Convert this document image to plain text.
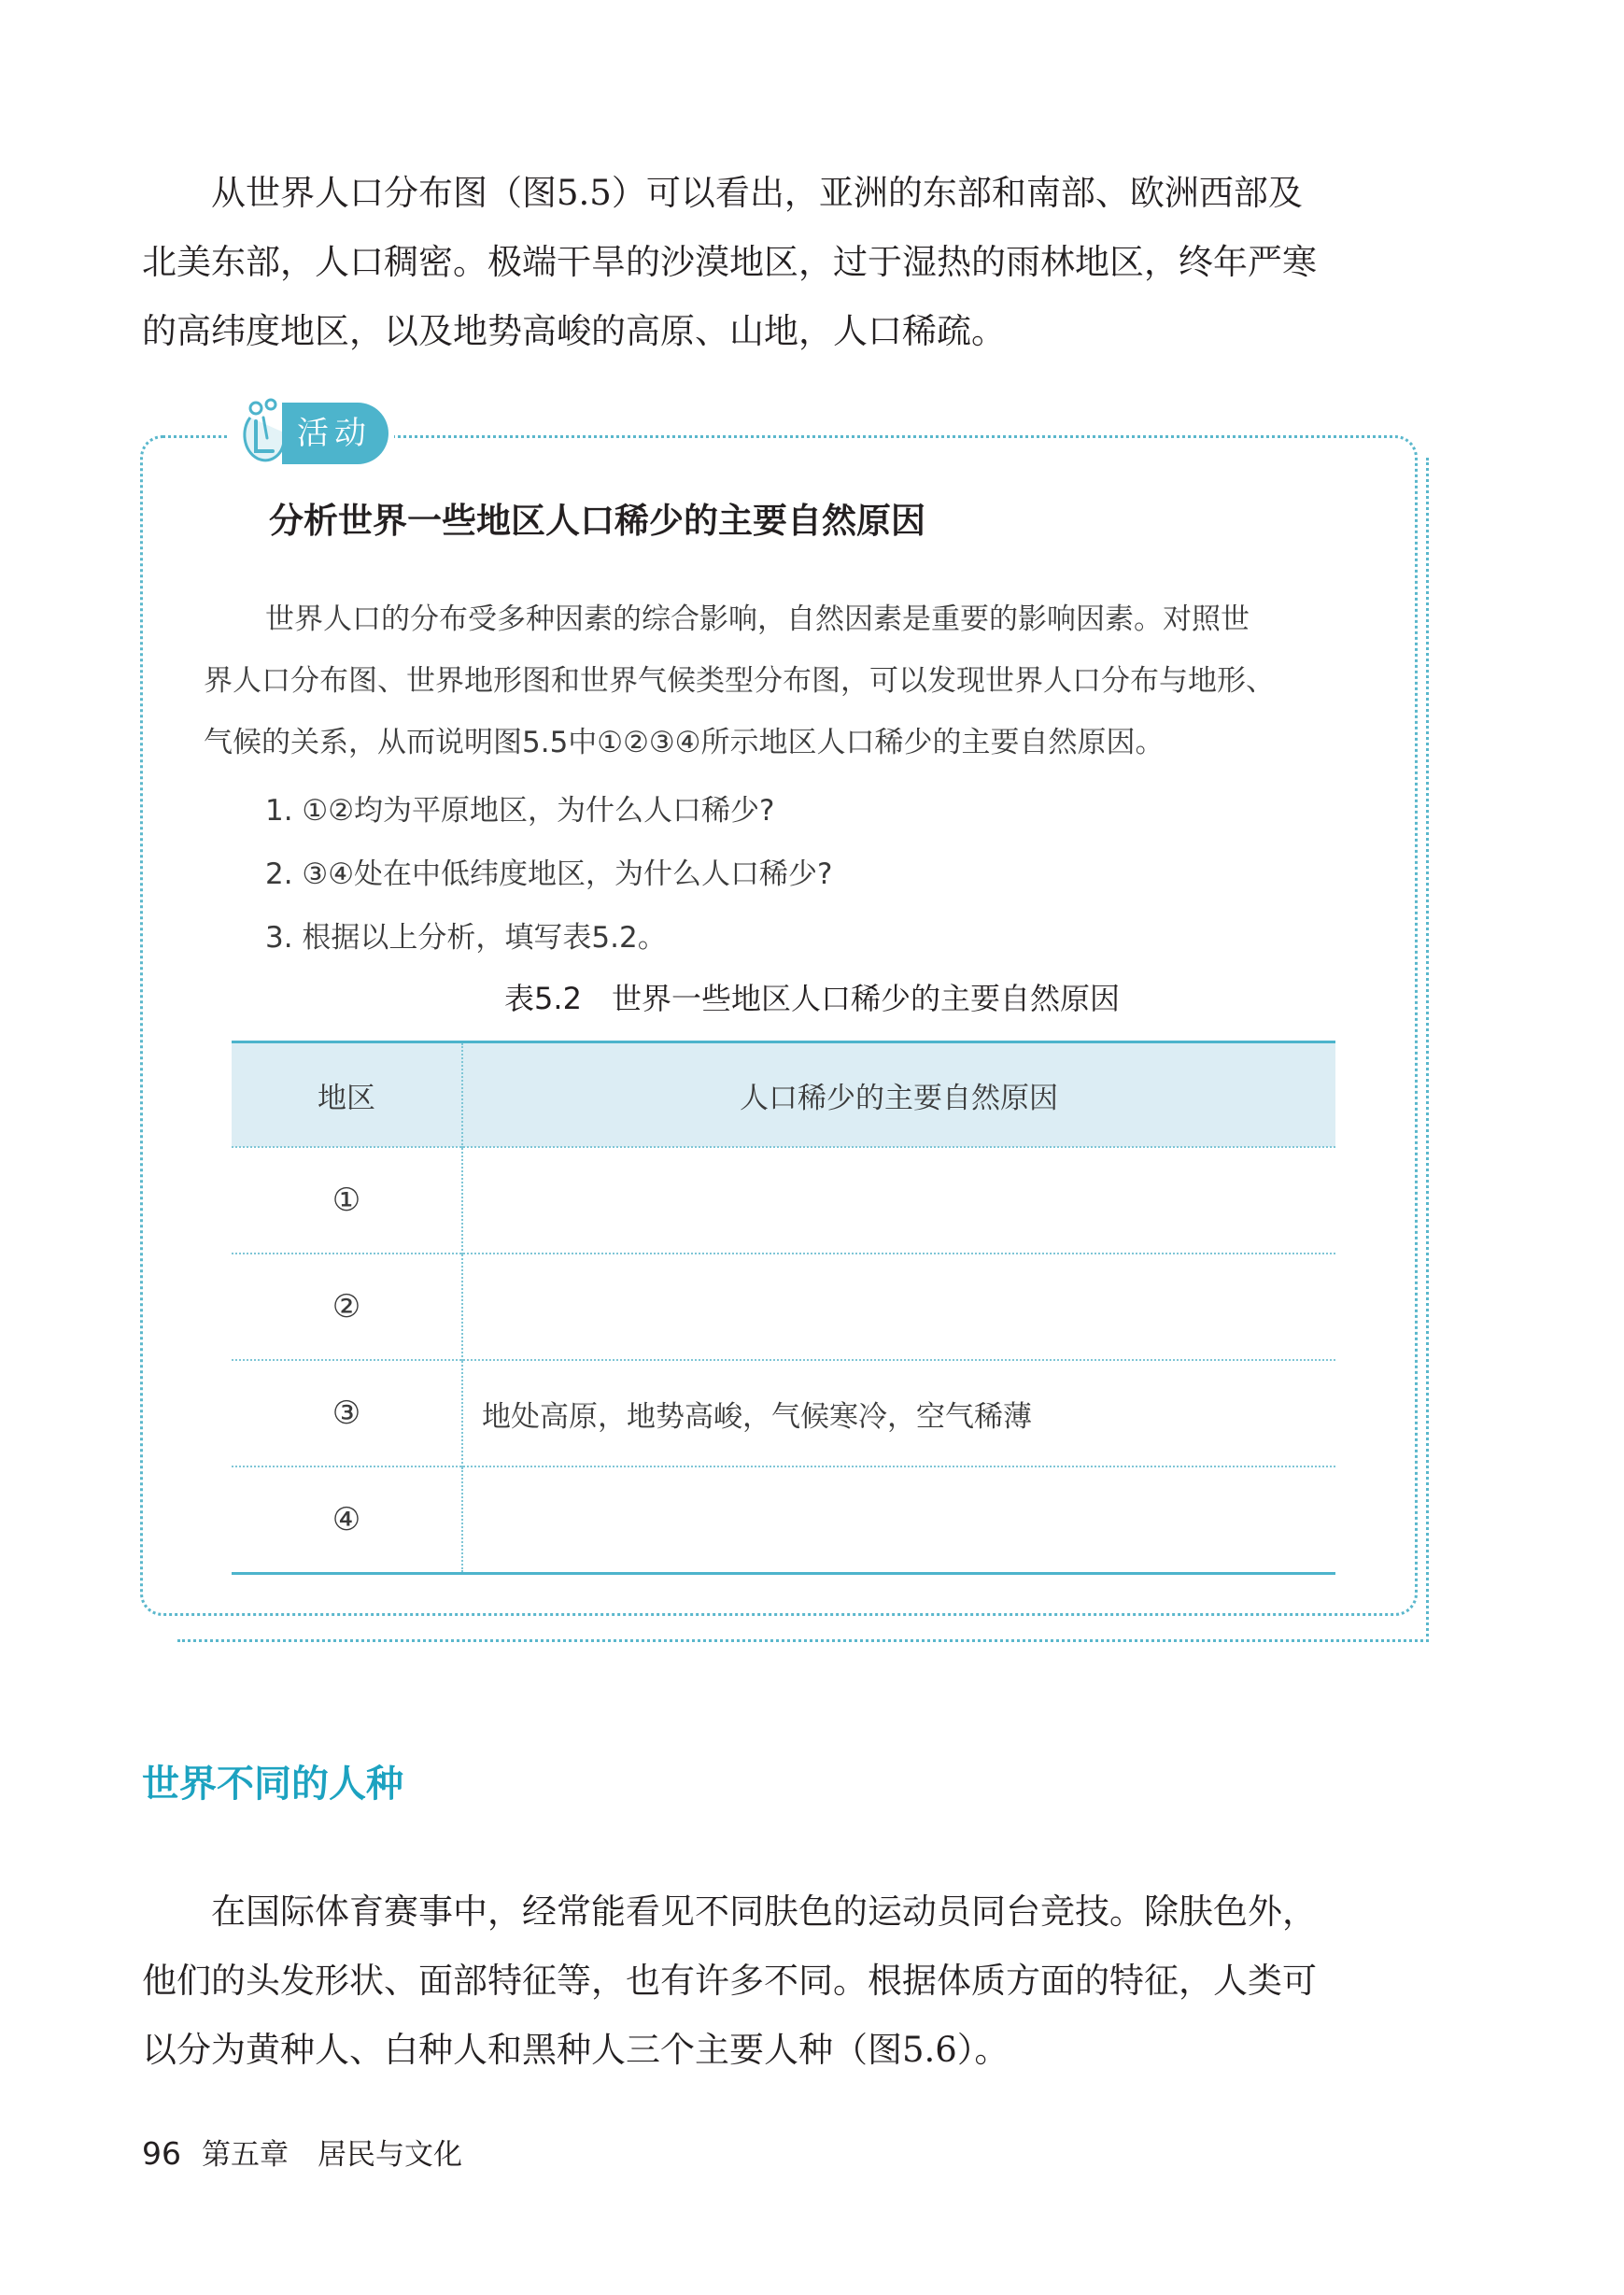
从世界人口分布图（图5.5）可以看出，亚洲的东部和南部、欧洲西部及
北美东部，人口稠密。极端干旱的沙漠地区，过于湿热的雨林地区，终年严寒
的高纬度地区，以及地势高峻的高原、山地，人口稀疏。
活动
分析世界一些地区人口稀少的主要自然原因
世界人口的分布受多种因素的综合影响，自然因素是重要的影响因素。对照世
界人口分布图、世界地形图和世界气候类型分布图，可以发现世界人口分布与地形、
气候的关系，从而说明图5.5中①②③④所示地区人口稀少的主要自然原因。
1. ①②均为平原地区，为什么人口稀少?
2. ③④处在中低纬度地区，为什么人口稀少?
3. 根据以上分析，填写表5.2。

表5.2　世界一些地区人口稀少的主要自然原因

地区	人口稀少的主要自然原因
①	
②	
③	地处高原，地势高峻，气候寒冷，空气稀薄
④	
世界不同的人种
在国际体育赛事中，经常能看见不同肤色的运动员同台竞技。除肤色外，
他们的头发形状、面部特征等，也有许多不同。根据体质方面的特征，人类可
以分为黄种人、白种人和黑种人三个主要人种（图5.6）。

96 第五章　居民与文化
